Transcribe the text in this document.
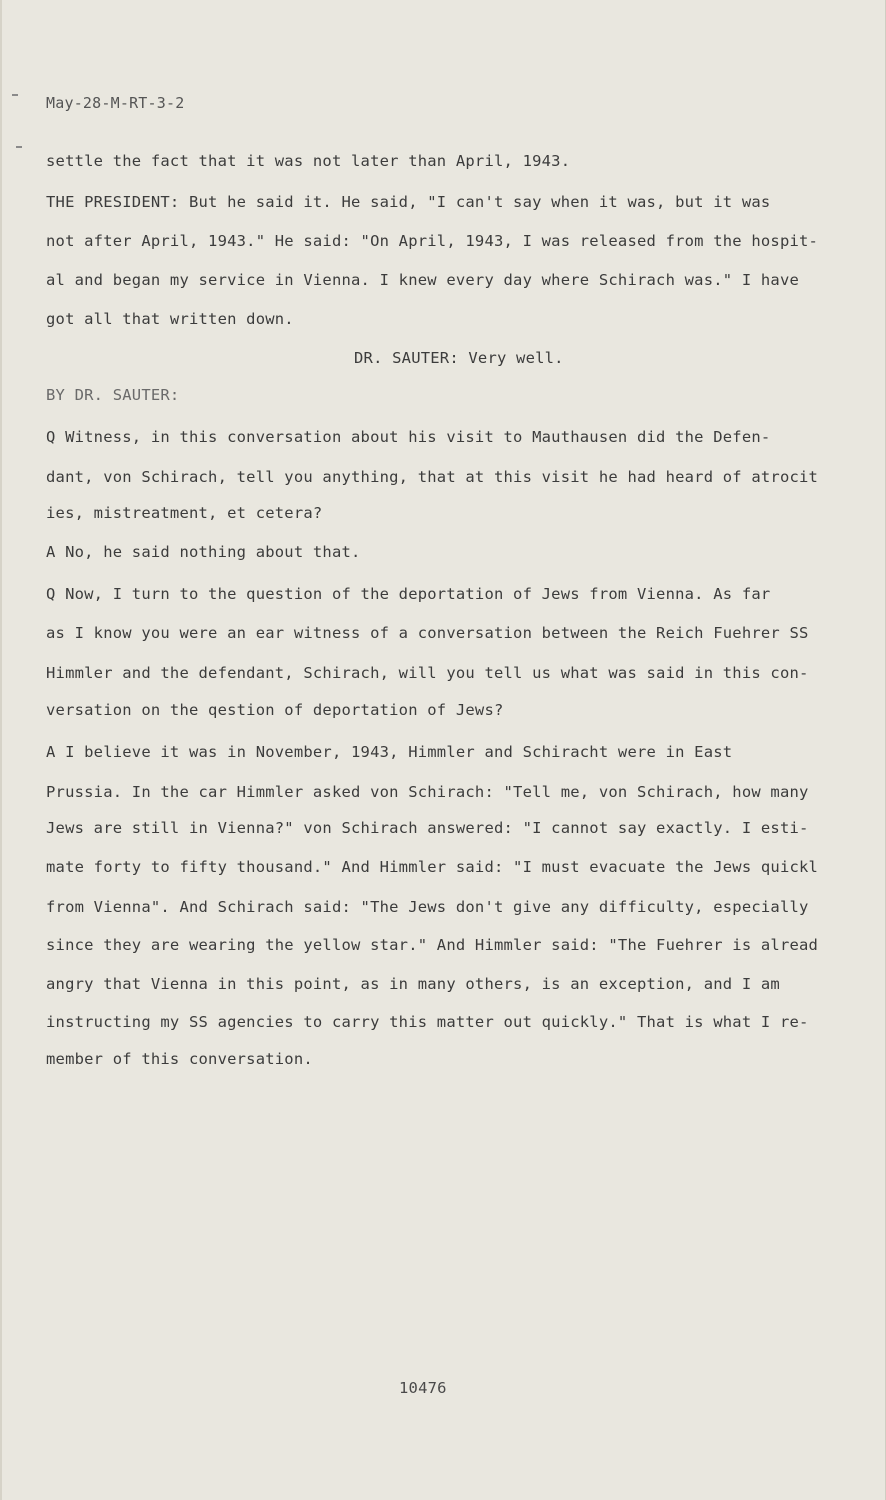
May-28-M-RT-3-2
settle the fact that it was not later than April, 1943.
THE PRESIDENT: But he said it. He said, "I can't say when it was, but it was
not after April, 1943." He said: "On April, 1943, I was released from the hospit-
al and began my service in Vienna. I knew every day where Schirach was." I have
got all that written down.
DR. SAUTER: Very well.
BY DR. SAUTER:
Q Witness, in this conversation about his visit to Mauthausen did the Defen-
dant, von Schirach, tell you anything, that at this visit he had heard of atrocit
ies, mistreatment, et cetera?
A No, he said nothing about that.
Q Now, I turn to the question of the deportation of Jews from Vienna. As far
as I know you were an ear witness of a conversation between the Reich Fuehrer SS
Himmler and the defendant, Schirach, will you tell us what was said in this con-
versation on the qestion of deportation of Jews?
A I believe it was in November, 1943, Himmler and Schiracht were in East
Prussia. In the car Himmler asked von Schirach: "Tell me, von Schirach, how many
Jews are still in Vienna?" von Schirach answered: "I cannot say exactly. I esti-
mate forty to fifty thousand." And Himmler said: "I must evacuate the Jews quickl
from Vienna". And Schirach said: "The Jews don't give any difficulty, especially
since they are wearing the yellow star." And Himmler said: "The Fuehrer is alread
angry that Vienna in this point, as in many others, is an exception, and I am
instructing my SS agencies to carry this matter out quickly." That is what I re-
member of this conversation.
10476
